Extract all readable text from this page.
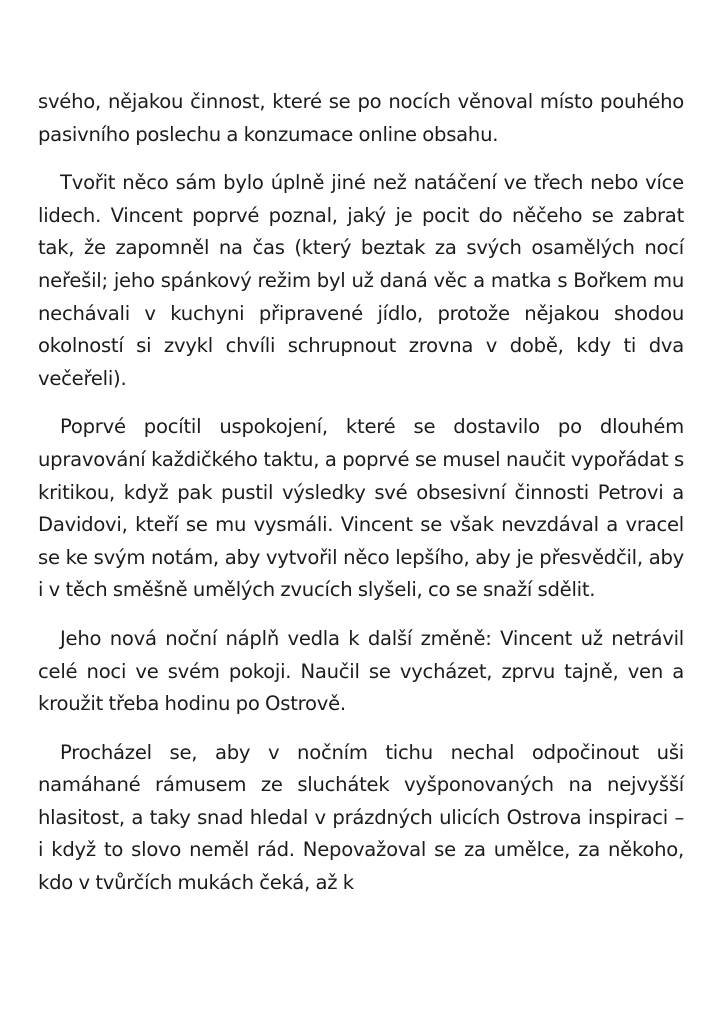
svého, nějakou činnost, které se po nocích věnoval místo pouhého pasivního poslechu a konzumace online obsahu.

Tvořit něco sám bylo úplně jiné než natáčení ve třech nebo více lidech. Vincent poprvé poznal, jaký je pocit do něčeho se zabrat tak, že zapomněl na čas (který beztak za svých osamělých nocí neřešil; jeho spánkový režim byl už daná věc a matka s Bořkem mu nechávali v kuchyni připravené jídlo, protože nějakou shodou okolností si zvykl chvíli schrupnout zrovna v době, kdy ti dva večeřeli).

Poprvé pocítil uspokojení, které se dostavilo po dlouhém upravování každičkého taktu, a poprvé se musel naučit vypořádat s kritikou, když pak pustil výsledky své obsesivní činnosti Petrovi a Davidovi, kteří se mu vysmáli. Vincent se však nevzdával a vracel se ke svým notám, aby vytvořil něco lepšího, aby je přesvědčil, aby i v těch směšně umělých zvucích slyšeli, co se snaží sdělit.

Jeho nová noční náplň vedla k další změně: Vincent už netrávil celé noci ve svém pokoji. Naučil se vycházet, zprvu tajně, ven a kroužit třeba hodinu po Ostrově.

Procházel se, aby v nočním tichu nechal odpočinout uši namáhané rámusem ze sluchátek vyšponovaných na nejvyšší hlasitost, a taky snad hledal v prázdných ulicích Ostrova inspiraci – i když to slovo neměl rád. Nepovažoval se za umělce, za někoho, kdo v tvůrčích mukách čeká, až k
